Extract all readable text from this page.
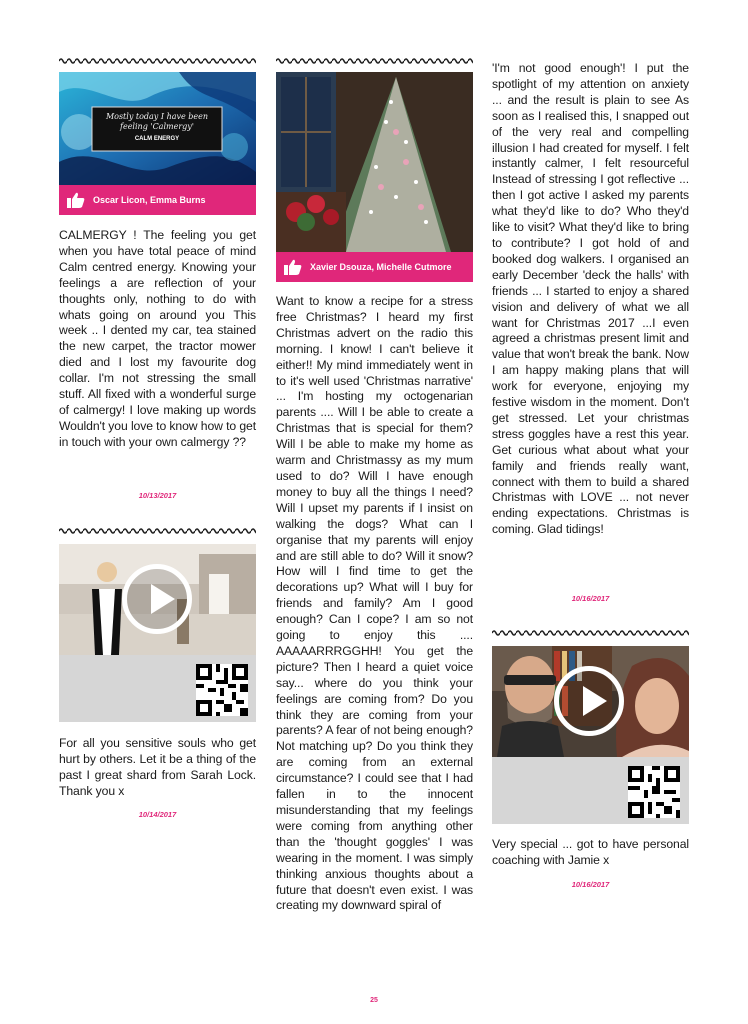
Mostly today I have been feeling 'Calmergy'
CALM ENERGY
Oscar Licon, Emma Burns
CALMERGY ! The feeling you get when you have total peace of mind Calm centred energy. Knowing your feelings a are reflection of your thoughts only, nothing to do with whats going on around you This week .. I dented my car, tea stained the new carpet, the tractor mower died and I lost my favourite dog collar. I'm not stressing the small stuff. All fixed with a wonderful surge of calmergy! I love making up words Wouldn't you love to know how to get in touch with your own calmergy ??
10/13/2017
For all you sensitive souls who get hurt by others. Let it be a thing of the past I great shard from Sarah Lock. Thank you x
10/14/2017
Xavier Dsouza, Michelle Cutmore
Want to know a recipe for a stress free Christmas? I heard my first Christmas advert on the radio this morning. I know! I can't believe it either!! My mind immediately went in to it's well used 'Christmas narrative' ... I'm hosting my octogenarian parents .... Will I be able to create a Christmas that is special for them? Will I be able to make my home as warm and Christmassy as my mum used to do? Will I have enough money to buy all the things I need? Will I upset my parents if I insist on walking the dogs? What can I organise that my parents will enjoy and are still able to do? Will it snow? How will I find time to get the decorations up? What will I buy for friends and family? Am I good enough? Can I cope? I am so not going to enjoy this .... AAAAARRRGGHH! You get the picture? Then I heard a quiet voice say... where do you think your feelings are coming from? Do you think they are coming from your parents? A fear of not being enough? Not matching up? Do you think they are coming from an external circumstance? I could see that I had fallen in to the innocent misunderstanding that my feelings were coming from anything other than the 'thought goggles' I was wearing in the moment. I was simply thinking anxious thoughts about a future that doesn't even exist. I was creating my downward spiral of
'I'm not good enough'! I put the spotlight of my attention on anxiety ... and the result is plain to see As soon as I realised this, I snapped out of the very real and compelling illusion I had created for myself. I felt instantly calmer, I felt resourceful Instead of stressing I got reflective ... then I got active I asked my parents what they'd like to do? Who they'd like to visit? What they'd like to bring to contribute? I got hold of and booked dog walkers. I organised an early December 'deck the halls' with friends ... I started to enjoy a shared vision and delivery of what we all want for Christmas 2017 ...I even agreed a christmas present limit and value that won't break the bank. Now I am happy making plans that will work for everyone, enjoying my festive wisdom in the moment. Don't get stressed. Let your christmas stress goggles have a rest this year. Get curious what about what your family and friends really want, connect with them to build a shared Christmas with LOVE ... not never ending expectations. Christmas is coming. Glad tidings!
10/16/2017
Very special ... got to have personal coaching with Jamie x
10/16/2017
25
